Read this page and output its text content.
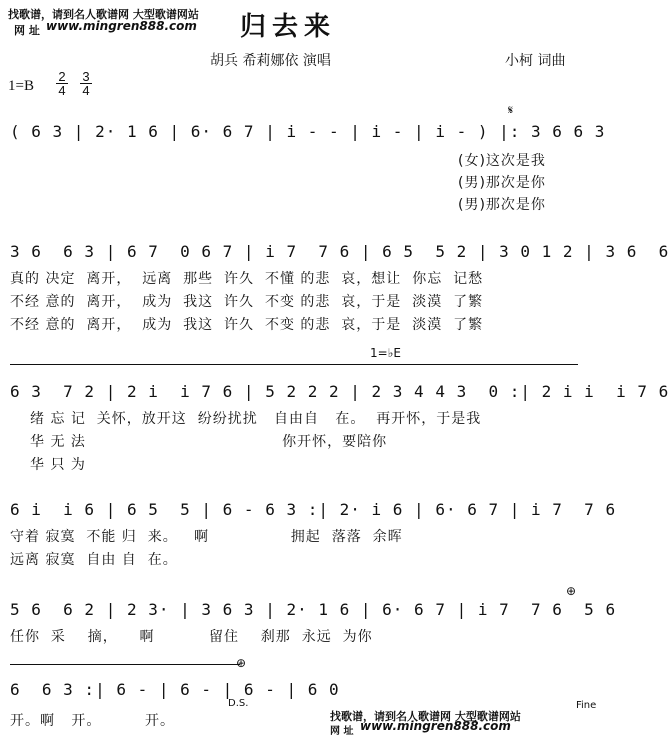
找歌谱，请到名人歌谱网 大型歌谱网站
网 址 www.mingren888.com 归去来
胡兵 希莉娜依 演唱	小柯 词曲
1=B
2
4
3
4
( 6 3 | 2· 1 6 | 6· 6 7 | i - - | i - | i - ) |: 3 6 6 3
𝄋
(女)这次是我
(男)那次是你
(男)那次是你
3 6  6 3 | 6 7  0 6 7 | i 7  7 6 | 6 5  5 2 | 3 0 1 2 | 3 6  6
真的 决定  离开，  远离  那些  许久  不懂 的悲  哀，想让  你忘  记愁
不经 意的  离开，  成为  我这  许久  不变 的悲  哀，于是  淡漠  了繁
不经 意的  离开，  成为  我这  许久  不变 的悲  哀，于是  淡漠  了繁
1=♭E
6 3  7 2 | 2 i  i 7 6 | 5 2 2 2 | 2 3 4 4 3  0 :| 2 i i  i 7 6
绪 忘 记  关怀，放开这  纷纷扰扰   自由自   在。  再开怀，于是我
华 无 法                                    你开怀，要陪你
华 只 为
6 i  i 6 | 6 5  5 | 6 - 6 3 :| 2· i 6 | 6· 6 7 | i 7  7 6
守着 寂寞  不能 归  来。   啊               拥起  落落  余晖
远离 寂寞  自由 自  在。
⊕
5 6  6 2 | 2 3· | 3 6 3 | 2· 1 6 | 6· 6 7 | i 7  7 6  5 6
任你  采    摘，    啊          留住    刹那  永远  为你
⊕
6  6 3 :| 6 - | 6 - | 6 - | 6 0
D.S.	Fine
开。啊   开。        开。	找歌谱，请到名人歌谱网 大型歌谱网站
网 址 www.mingren888.com
